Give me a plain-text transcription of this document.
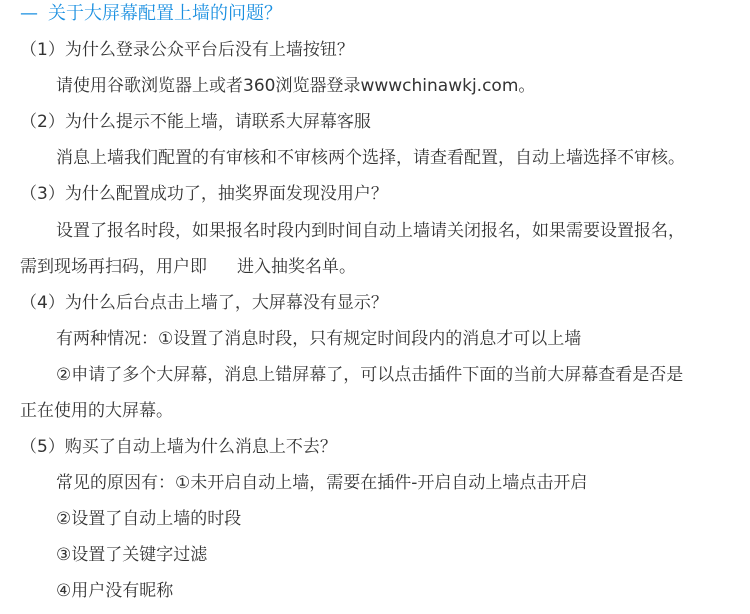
— 关于大屏幕配置上墙的问题？
（1）为什么登录公众平台后没有上墙按钮？
请使用谷歌浏览器上或者360浏览器登录wwwchinawkj.com。
（2）为什么提示不能上墙，请联系大屏幕客服
消息上墙我们配置的有审核和不审核两个选择，请查看配置，自动上墙选择不审核。
（3）为什么配置成功了，抽奖界面发现没用户？
设置了报名时段，如果报名时段内到时间自动上墙请关闭报名，如果需要设置报名，
需到现场再扫码，用户即 进入抽奖名单。
（4）为什么后台点击上墙了，大屏幕没有显示？
有两种情况：①设置了消息时段，只有规定时间段内的消息才可以上墙
②申请了多个大屏幕，消息上错屏幕了，可以点击插件下面的当前大屏幕查看是否是
正在使用的大屏幕。
（5）购买了自动上墙为什么消息上不去？
常见的原因有：①未开启自动上墙，需要在插件-开启自动上墙点击开启
②设置了自动上墙的时段
③设置了关键字过滤
④用户没有昵称
